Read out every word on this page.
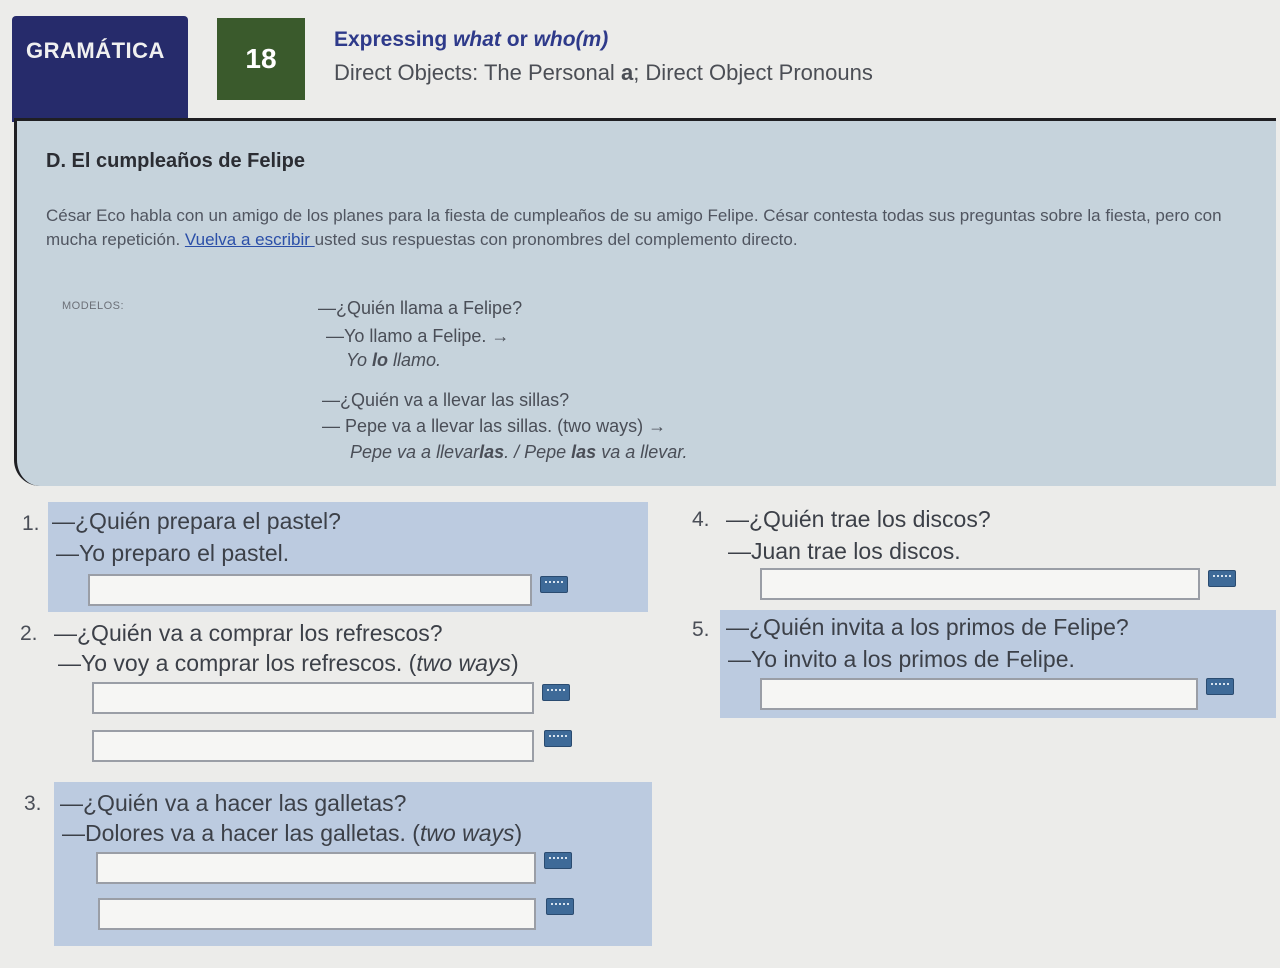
GRAMÁTICA	18
Expressing what or who(m)
Direct Objects: The Personal a; Direct Object Pronouns
D. El cumpleaños de Felipe
César Eco habla con un amigo de los planes para la fiesta de cumpleaños de su amigo Felipe. César contesta todas sus preguntas sobre la fiesta, pero con mucha repetición. Vuelva a escribir usted sus respuestas con pronombres del complemento directo.
MODELOS:	—¿Quién llama a Felipe?
—Yo llamo a Felipe. →
Yo lo llamo.
—¿Quién va a llevar las sillas?
— Pepe va a llevar las sillas. (two ways) →
Pepe va a llevarlas. / Pepe las va a llevar.
1. —¿Quién prepara el pastel?
—Yo preparo el pastel.
2. —¿Quién va a comprar los refrescos?
—Yo voy a comprar los refrescos. (two ways)
3. —¿Quién va a hacer las galletas?
—Dolores va a hacer las galletas. (two ways)
4. —¿Quién trae los discos?
—Juan trae los discos.
5. —¿Quién invita a los primos de Felipe?
—Yo invito a los primos de Felipe.
